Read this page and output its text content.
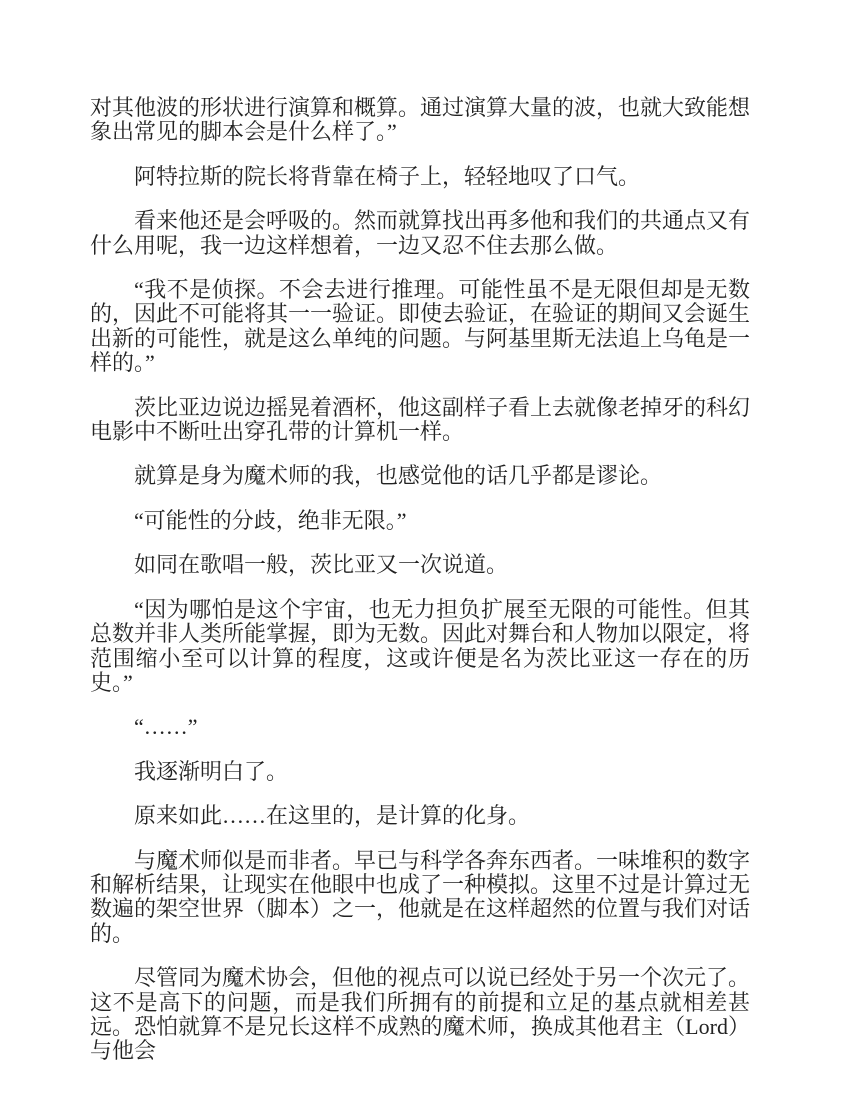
对其他波的形状进行演算和概算。通过演算大量的波，也就大致能想象出常见的脚本会是什么样了。”

阿特拉斯的院长将背靠在椅子上，轻轻地叹了口气。

看来他还是会呼吸的。然而就算找出再多他和我们的共通点又有什么用呢，我一边这样想着，一边又忍不住去那么做。

“我不是侦探。不会去进行推理。可能性虽不是无限但却是无数的，因此不可能将其一一验证。即使去验证，在验证的期间又会诞生出新的可能性，就是这么单纯的问题。与阿基里斯无法追上乌龟是一样的。”

茨比亚边说边摇晃着酒杯，他这副样子看上去就像老掉牙的科幻电影中不断吐出穿孔带的计算机一样。

就算是身为魔术师的我，也感觉他的话几乎都是谬论。

“可能性的分歧，绝非无限。”

如同在歌唱一般，茨比亚又一次说道。

“因为哪怕是这个宇宙，也无力担负扩展至无限的可能性。但其总数并非人类所能掌握，即为无数。因此对舞台和人物加以限定，将范围缩小至可以计算的程度，这或许便是名为茨比亚这一存在的历史。”

“……”

我逐渐明白了。

原来如此……在这里的，是计算的化身。

与魔术师似是而非者。早已与科学各奔东西者。一味堆积的数字和解析结果，让现实在他眼中也成了一种模拟。这里不过是计算过无数遍的架空世界（脚本）之一，他就是在这样超然的位置与我们对话的。

尽管同为魔术协会，但他的视点可以说已经处于另一个次元了。这不是高下的问题，而是我们所拥有的前提和立足的基点就相差甚远。恐怕就算不是兄长这样不成熟的魔术师，换成其他君主（Lord）与他会
